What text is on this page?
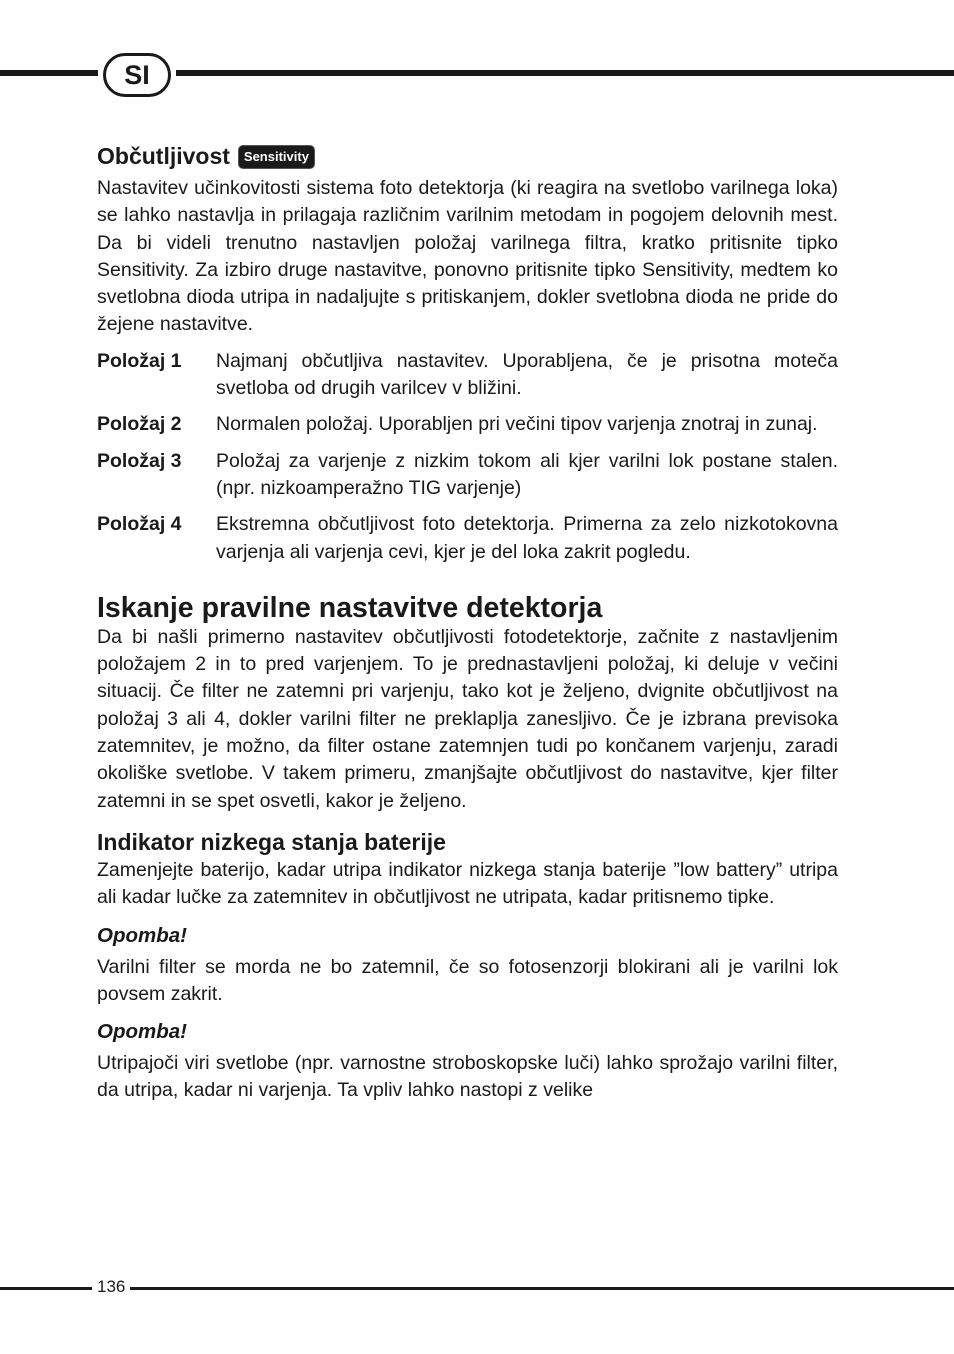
SI
Občutljivost Sensitivity

Nastavitev učinkovitosti sistema foto detektorja (ki reagira na svetlobo varilnega loka) se lahko nastavlja in prilagaja različnim varilnim metodam in pogojem delovnih mest. Da bi videli trenutno nastavljen položaj varilnega filtra, kratko pritisnite tipko Sensitivity. Za izbiro druge nastavitve, ponovno pritisnite tipko Sensitivity, medtem ko svetlobna dioda utripa in nadaljujte s pritiskanjem, dokler svetlobna dioda ne pride do žejene nastavitve.

Položaj 1	Najmanj občutljiva nastavitev. Uporabljena, če je prisotna moteča svetloba od drugih varilcev v bližini.

Položaj 2	Normalen položaj. Uporabljen pri večini tipov varjenja znotraj in zunaj.

Položaj 3	Položaj za varjenje z nizkim tokom ali kjer varilni lok postane stalen. (npr. nizkoamperažno TIG varjenje)

Položaj 4	Ekstremna občutljivost foto detektorja. Primerna za zelo nizkotokovna varjenja ali varjenja cevi, kjer je del loka zakrit pogledu.

Iskanje pravilne nastavitve detektorja

Da bi našli primerno nastavitev občutljivosti fotodetektorje, začnite z nastavljenim položajem 2 in to pred varjenjem. To je prednastavljeni položaj, ki deluje v večini situacij. Če filter ne zatemni pri varjenju, tako kot je željeno, dvignite občutljivost na položaj 3 ali 4, dokler varilni filter ne preklaplja zanesljivo. Če je izbrana previsoka zatemnitev, je možno, da filter ostane zatemnjen tudi po končanem varjenju, zaradi okoliške svetlobe. V takem primeru, zmanjšajte občutljivost do nastavitve, kjer filter zatemni in se spet osvetli, kakor je željeno.

Indikator nizkega stanja baterije

Zamenjejte baterijo, kadar utripa indikator nizkega stanja baterije ”low battery” utripa ali kadar lučke za zatemnitev in občutljivost ne utripata, kadar pritisnemo tipke.

Opomba!

Varilni filter se morda ne bo zatemnil, če so fotosenzorji blokirani ali je varilni lok povsem zakrit.

Opomba!

Utripajoči viri svetlobe (npr. varnostne stroboskopske luči) lahko sprožajo varilni filter, da utripa, kadar ni varjenja. Ta vpliv lahko nastopi z velike

136
